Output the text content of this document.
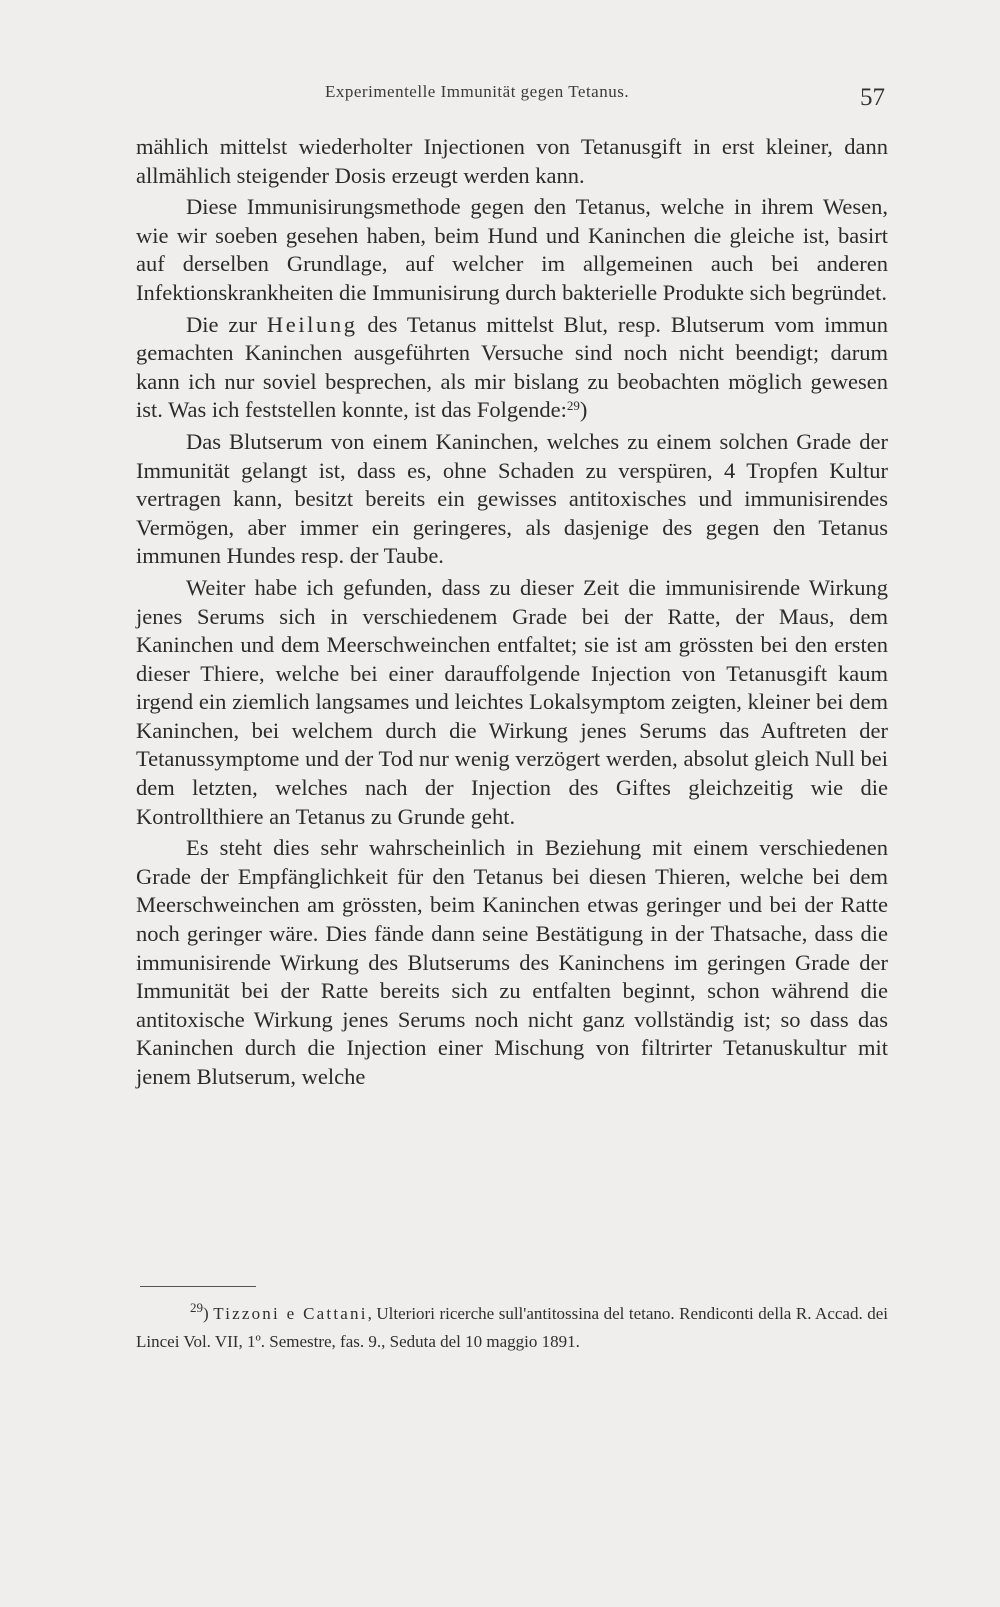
Experimentelle Immunität gegen Tetanus.	57

mählich mittelst wiederholter Injectionen von Tetanusgift in erst kleiner, dann allmählich steigender Dosis erzeugt werden kann.

Diese Immunisirungsmethode gegen den Tetanus, welche in ihrem Wesen, wie wir soeben gesehen haben, beim Hund und Kaninchen die gleiche ist, basirt auf derselben Grundlage, auf welcher im allgemeinen auch bei anderen Infektionskrankheiten die Immunisirung durch bakterielle Produkte sich begründet.

Die zur Heilung des Tetanus mittelst Blut, resp. Blutserum vom immun gemachten Kaninchen ausgeführten Versuche sind noch nicht beendigt; darum kann ich nur soviel besprechen, als mir bislang zu beobachten möglich gewesen ist. Was ich feststellen konnte, ist das Folgende:$^{29}$)

Das Blutserum von einem Kaninchen, welches zu einem solchen Grade der Immunität gelangt ist, dass es, ohne Schaden zu verspüren, 4 Tropfen Kultur vertragen kann, besitzt bereits ein gewisses antitoxisches und immunisirendes Vermögen, aber immer ein geringeres, als dasjenige des gegen den Tetanus immunen Hundes resp. der Taube.

Weiter habe ich gefunden, dass zu dieser Zeit die immunisirende Wirkung jenes Serums sich in verschiedenem Grade bei der Ratte, der Maus, dem Kaninchen und dem Meerschweinchen entfaltet; sie ist am grössten bei den ersten dieser Thiere, welche bei einer darauffolgende Injection von Tetanusgift kaum irgend ein ziemlich langsames und leichtes Lokalsymptom zeigten, kleiner bei dem Kaninchen, bei welchem durch die Wirkung jenes Serums das Auftreten der Tetanussymptome und der Tod nur wenig verzögert werden, absolut gleich Null bei dem letzten, welches nach der Injection des Giftes gleichzeitig wie die Kontrollthiere an Tetanus zu Grunde geht.

Es steht dies sehr wahrscheinlich in Beziehung mit einem verschiedenen Grade der Empfänglichkeit für den Tetanus bei diesen Thieren, welche bei dem Meerschweinchen am grössten, beim Kaninchen etwas geringer und bei der Ratte noch geringer wäre. Dies fände dann seine Bestätigung in der Thatsache, dass die immunisirende Wirkung des Blutserums des Kaninchens im geringen Grade der Immunität bei der Ratte bereits sich zu entfalten beginnt, schon während die antitoxische Wirkung jenes Serums noch nicht ganz vollständig ist; so dass das Kaninchen durch die Injection einer Mischung von filtrirter Tetanuskultur mit jenem Blutserum, welche

$^{29}$) Tizzoni e Cattani, Ulteriori ricerche sull'antitossina del tetano. Rendiconti della R. Accad. dei Lincei Vol. VII, 1º. Semestre, fas. 9., Seduta del 10 maggio 1891.
